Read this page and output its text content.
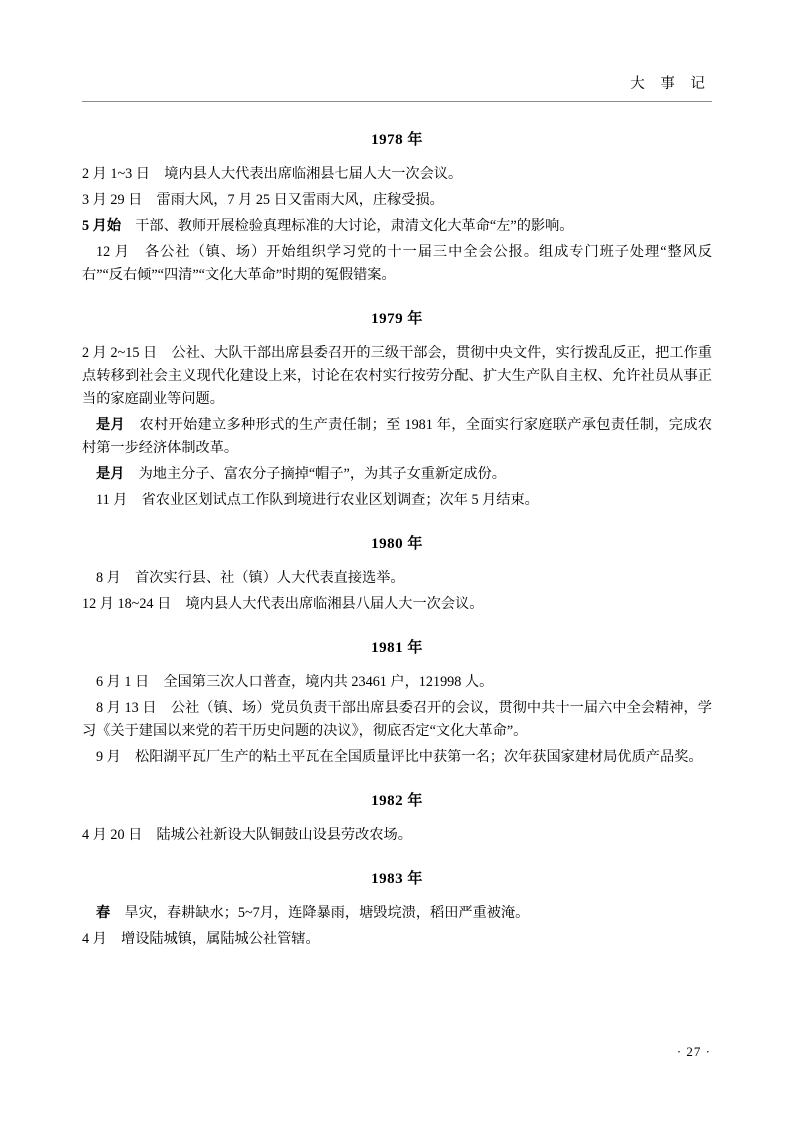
大 事 记
1978 年

2 月 1~3 日　 境内县人大代表出席临湘县七届人大一次会议。

3 月 29 日　 雷雨大风，7 月 25 日又雷雨大风，庄稼受损。

5 月始　 干部、教师开展检验真理标准的大讨论，肃清文化大革命“左”的影响。

12 月　 各公社（镇、场）开始组织学习党的十一届三中全会公报。组成专门班子处理“整风反右”“反右倾”“四清”“文化大革命”时期的冤假错案。

1979 年

2 月 2~15 日　 公社、大队干部出席县委召开的三级干部会，贯彻中央文件，实行拨乱反正，把工作重点转移到社会主义现代化建设上来，讨论在农村实行按劳分配、扩大生产队自主权、允许社员从事正当的家庭副业等问题。

是月　 农村开始建立多种形式的生产责任制；至 1981 年，全面实行家庭联产承包责任制，完成农村第一步经济体制改革。

是月　 为地主分子、富农分子摘掉“帽子”，为其子女重新定成份。

11 月　 省农业区划试点工作队到境进行农业区划调查；次年 5 月结束。

1980 年

8 月　 首次实行县、社（镇）人大代表直接选举。

12 月 18~24 日　 境内县人大代表出席临湘县八届人大一次会议。

1981 年

6 月 1 日　 全国第三次人口普查，境内共 23461 户，121998 人。

8 月 13 日　 公社（镇、场）党员负责干部出席县委召开的会议，贯彻中共十一届六中全会精神，学习《关于建国以来党的若干历史问题的决议》，彻底否定“文化大革命”。

9 月　 松阳湖平瓦厂生产的粘土平瓦在全国质量评比中获第一名；次年获国家建材局优质产品奖。

1982 年

4 月 20 日　 陆城公社新设大队铜鼓山设县劳改农场。

1983 年

春　 旱灾，春耕缺水；5~7月，连降暴雨，塘毁垸溃，稻田严重被淹。

4 月　 增设陆城镇，属陆城公社管辖。

· 27 ·
